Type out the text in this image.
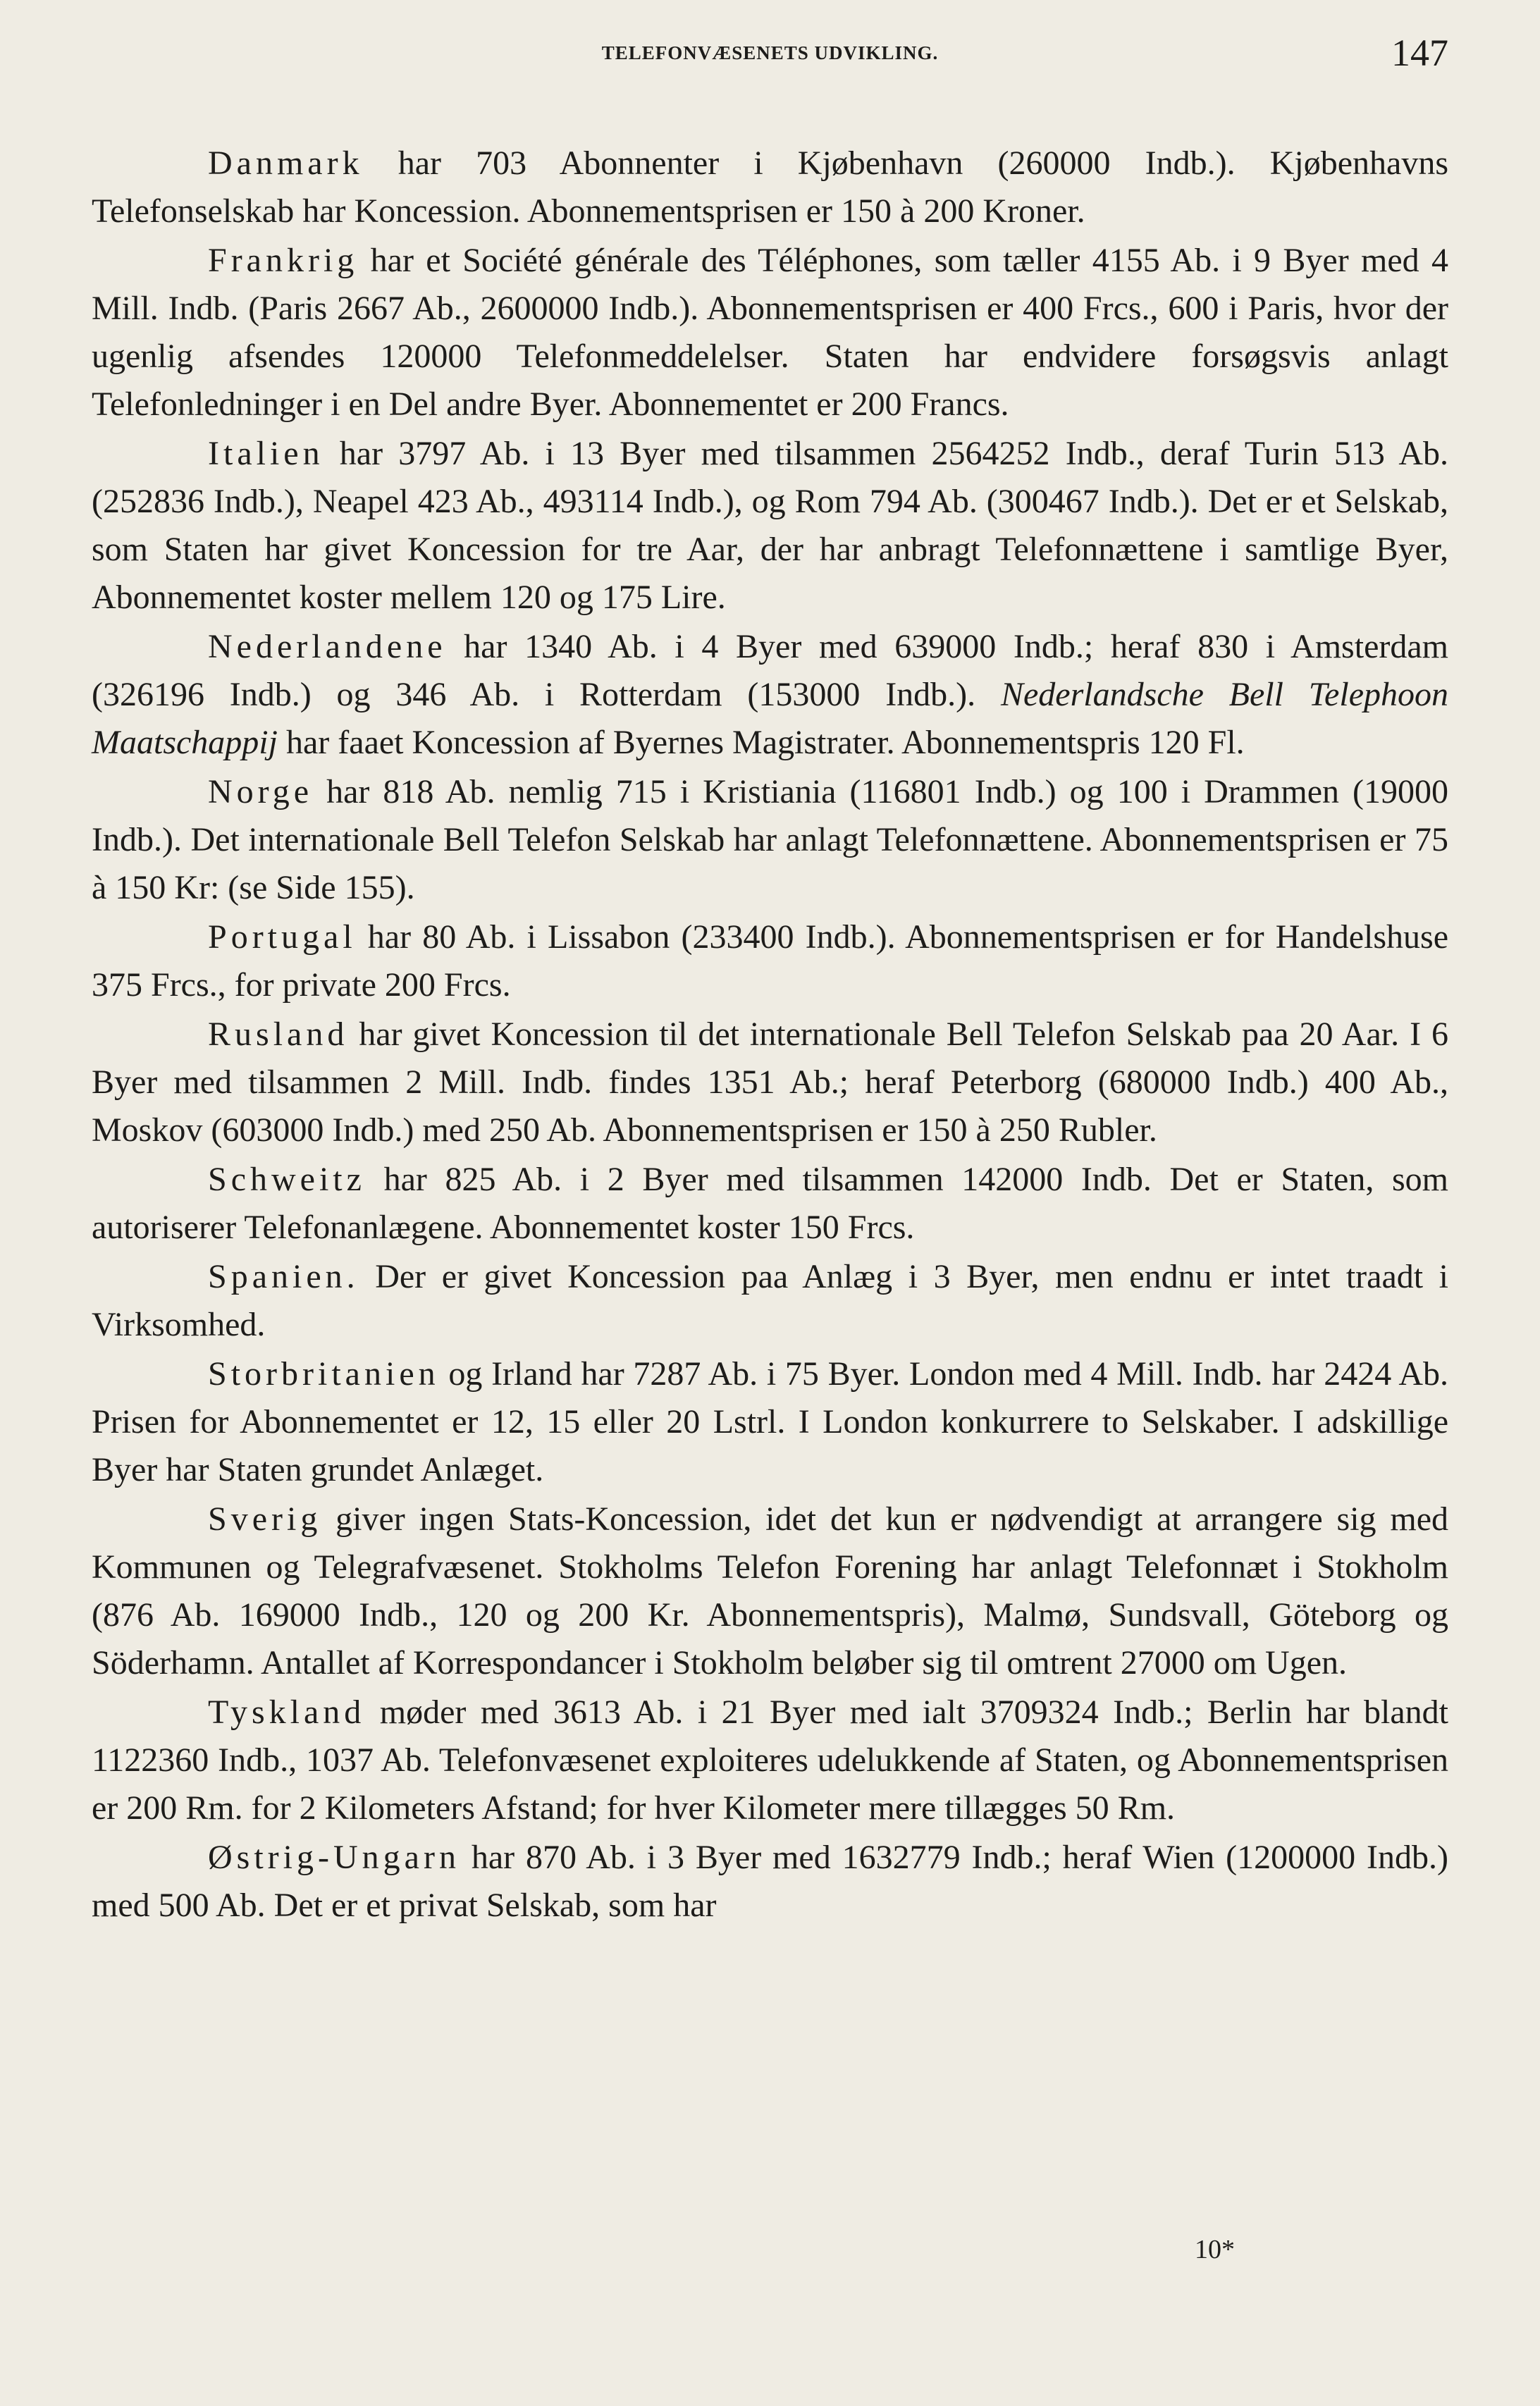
TELEFONVÆSENETS UDVIKLING.	147

Danmark har 703 Abonnenter i Kjøbenhavn (260000 Indb.). Kjøbenhavns Telefonselskab har Koncession. Abonnementsprisen er 150 à 200 Kroner.

Frankrig har et Société générale des Téléphones, som tæller 4155 Ab. i 9 Byer med 4 Mill. Indb. (Paris 2667 Ab., 2600000 Indb.). Abonnementsprisen er 400 Frcs., 600 i Paris, hvor der ugenlig afsendes 120000 Telefonmeddelelser. Staten har endvidere forsøgsvis anlagt Telefonledninger i en Del andre Byer. Abonnementet er 200 Francs.

Italien har 3797 Ab. i 13 Byer med tilsammen 2564252 Indb., deraf Turin 513 Ab. (252836 Indb.), Neapel 423 Ab., 493114 Indb.), og Rom 794 Ab. (300467 Indb.). Det er et Selskab, som Staten har givet Koncession for tre Aar, der har anbragt Telefonnættene i samtlige Byer, Abonnementet koster mellem 120 og 175 Lire.

Nederlandene har 1340 Ab. i 4 Byer med 639000 Indb.; heraf 830 i Amsterdam (326196 Indb.) og 346 Ab. i Rotterdam (153000 Indb.). Nederlandsche Bell Telephoon Maatschappij har faaet Koncession af Byernes Magistrater. Abonnementspris 120 Fl.

Norge har 818 Ab. nemlig 715 i Kristiania (116801 Indb.) og 100 i Drammen (19000 Indb.). Det internationale Bell Telefon Selskab har anlagt Telefonnættene. Abonnementsprisen er 75 à 150 Kr: (se Side 155).

Portugal har 80 Ab. i Lissabon (233400 Indb.). Abonnementsprisen er for Handelshuse 375 Frcs., for private 200 Frcs.

Rusland har givet Koncession til det internationale Bell Telefon Selskab paa 20 Aar. I 6 Byer med tilsammen 2 Mill. Indb. findes 1351 Ab.; heraf Peterborg (680000 Indb.) 400 Ab., Moskov (603000 Indb.) med 250 Ab. Abonnementsprisen er 150 à 250 Rubler.

Schweitz har 825 Ab. i 2 Byer med tilsammen 142000 Indb. Det er Staten, som autoriserer Telefonanlægene. Abonnementet koster 150 Frcs.

Spanien. Der er givet Koncession paa Anlæg i 3 Byer, men endnu er intet traadt i Virksomhed.

Storbritanien og Irland har 7287 Ab. i 75 Byer. London med 4 Mill. Indb. har 2424 Ab. Prisen for Abonnementet er 12, 15 eller 20 Lstrl. I London konkurrere to Selskaber. I adskillige Byer har Staten grundet Anlæget.

Sverig giver ingen Stats-Koncession, idet det kun er nødvendigt at arrangere sig med Kommunen og Telegrafvæsenet. Stokholms Telefon Forening har anlagt Telefonnæt i Stokholm (876 Ab. 169000 Indb., 120 og 200 Kr. Abonnementspris), Malmø, Sundsvall, Göteborg og Söderhamn. Antallet af Korrespondancer i Stokholm beløber sig til omtrent 27000 om Ugen.

Tyskland møder med 3613 Ab. i 21 Byer med ialt 3709324 Indb.; Berlin har blandt 1122360 Indb., 1037 Ab. Telefonvæsenet exploiteres udelukkende af Staten, og Abonnementsprisen er 200 Rm. for 2 Kilometers Afstand; for hver Kilometer mere tillægges 50 Rm.

Østrig-Ungarn har 870 Ab. i 3 Byer med 1632779 Indb.; heraf Wien (1200000 Indb.) med 500 Ab. Det er et privat Selskab, som har

10*
